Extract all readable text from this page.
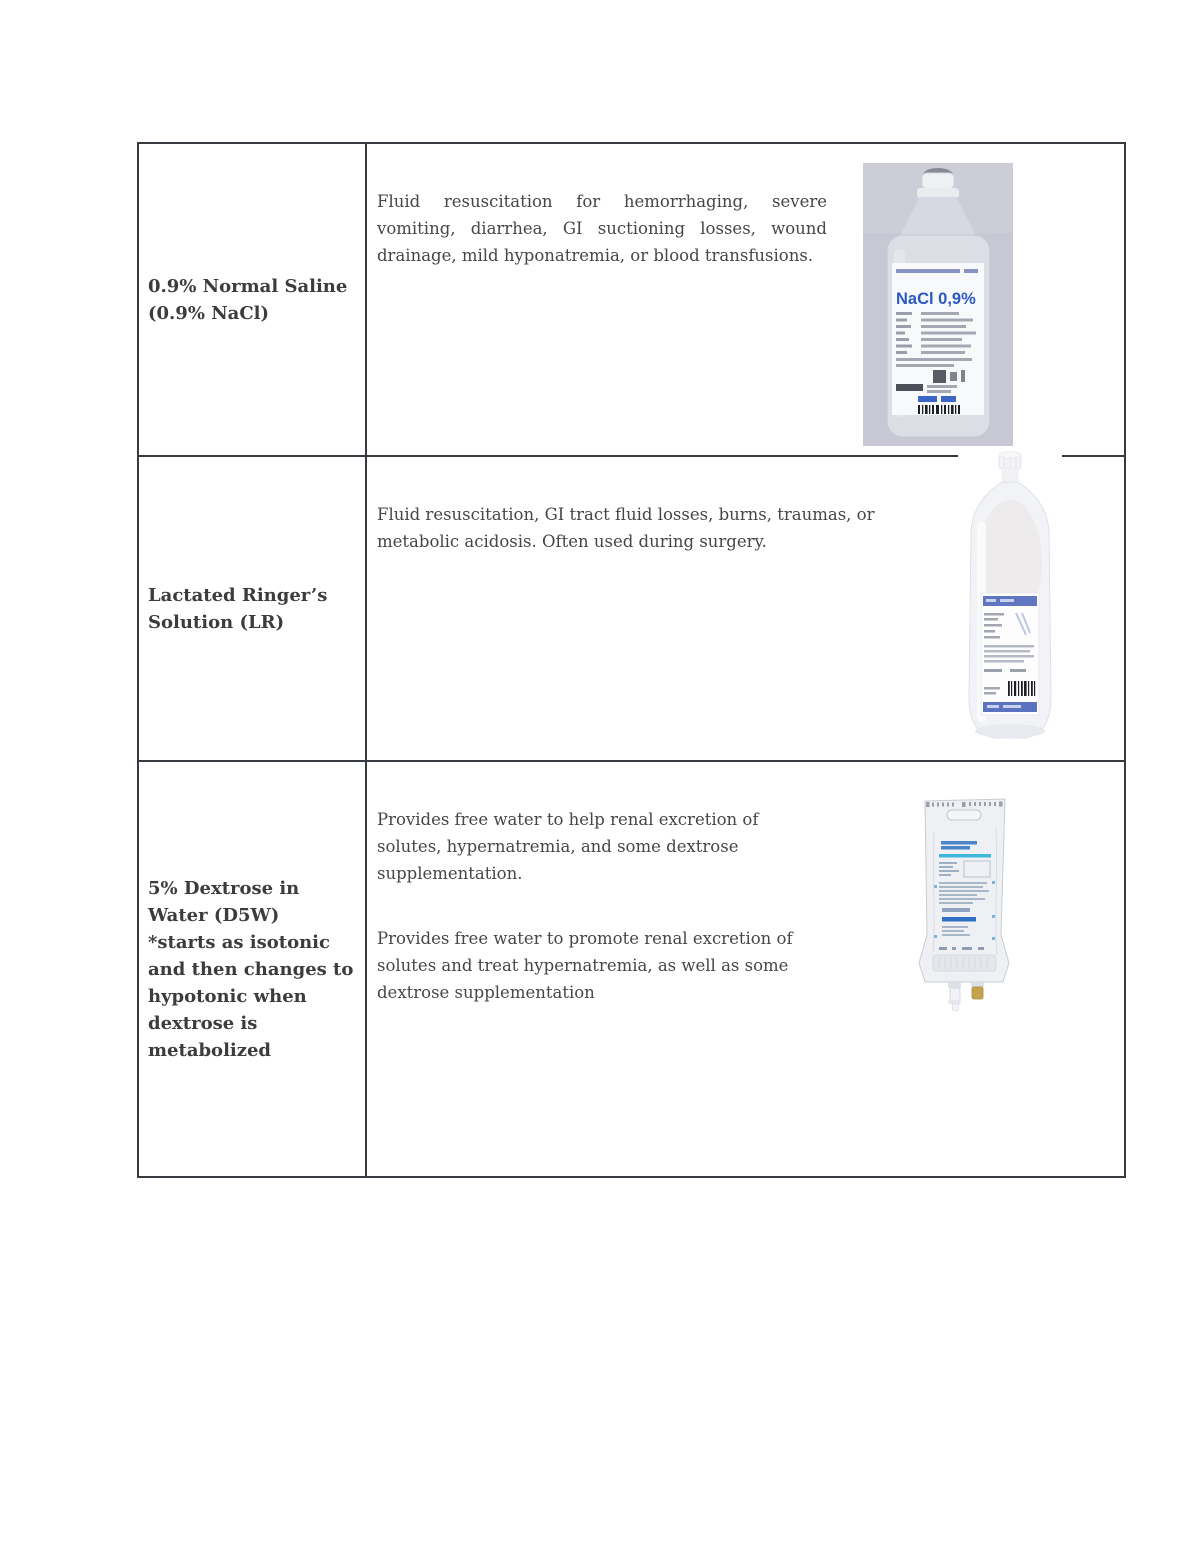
0.9% Normal Saline
(0.9% NaCl)

Fluid resuscitation for hemorrhaging, severe vomiting, diarrhea, GI suctioning losses, wound drainage, mild hyponatremia, or blood transfusions.

Lactated Ringer’s
Solution (LR)

Fluid resuscitation, GI tract fluid losses, burns, traumas, or metabolic acidosis. Often used during surgery.

5% Dextrose in
Water (D5W)
*starts as isotonic
and then changes to
hypotonic when
dextrose is
metabolized

Provides free water to help renal excretion of solutes, hypernatremia, and some dextrose supplementation.

Provides free water to promote renal excretion of solutes and treat hypernatremia, as well as some dextrose supplementation

NaCl 0,9%
